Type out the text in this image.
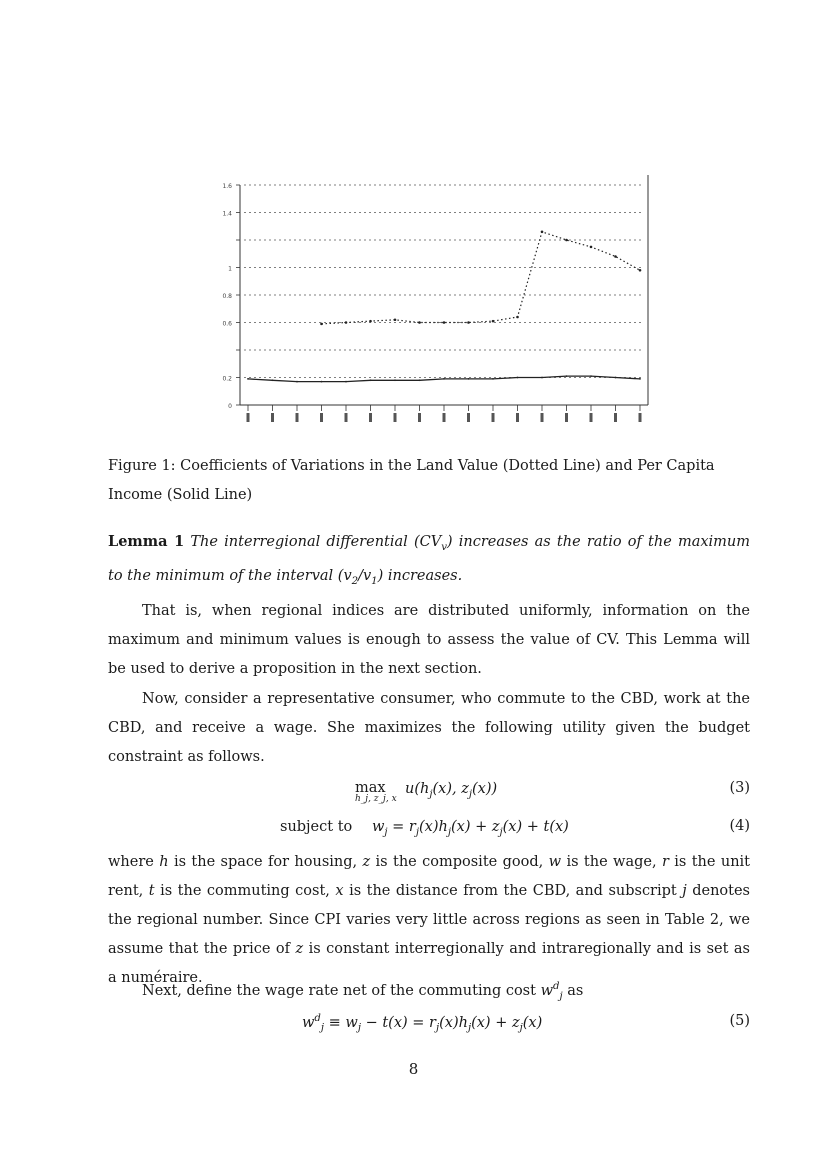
0
0.2
0.6
0.8
1
1.4
1.6
Figure 1: Coefficients of Variations in the Land Value (Dotted Line) and Per Capita Income (Solid Line)
Lemma 1 The interregional differential $(CV_v)$ increases as the ratio of the maximum to the minimum of the interval $(v_2/v_1)$ increases.
That is, when regional indices are distributed uniformly, information on the maximum and minimum values is enough to assess the value of CV. This Lemma will be used to derive a proposition in the next section.
Now, consider a representative consumer, who commute to the CBD, work at the CBD, and receive a wage. She maximizes the following utility given the budget constraint as follows.
max
h_j, z_j, x
$u(h_j(x)$, $z_j(x)$)	(3)
subject to $w_j = r_j(x)h_j(x) + z_j(x) + t(x)$	(4)
where h is the space for housing, z is the composite good, w is the wage, r is the unit rent, t is the commuting cost, x is the distance from the CBD, and subscript j denotes the regional number. Since CPI varies very little across regions as seen in Table 2, we assume that the price of z is constant interregionally and intraregionally and is set as a numéraire.
Next, define the wage rate net of the commuting cost $w^d_j$ as
$w^d_j \equiv w_j - t(x) = r_j(x)h_j(x) + z_j(x)$	(5)
8
